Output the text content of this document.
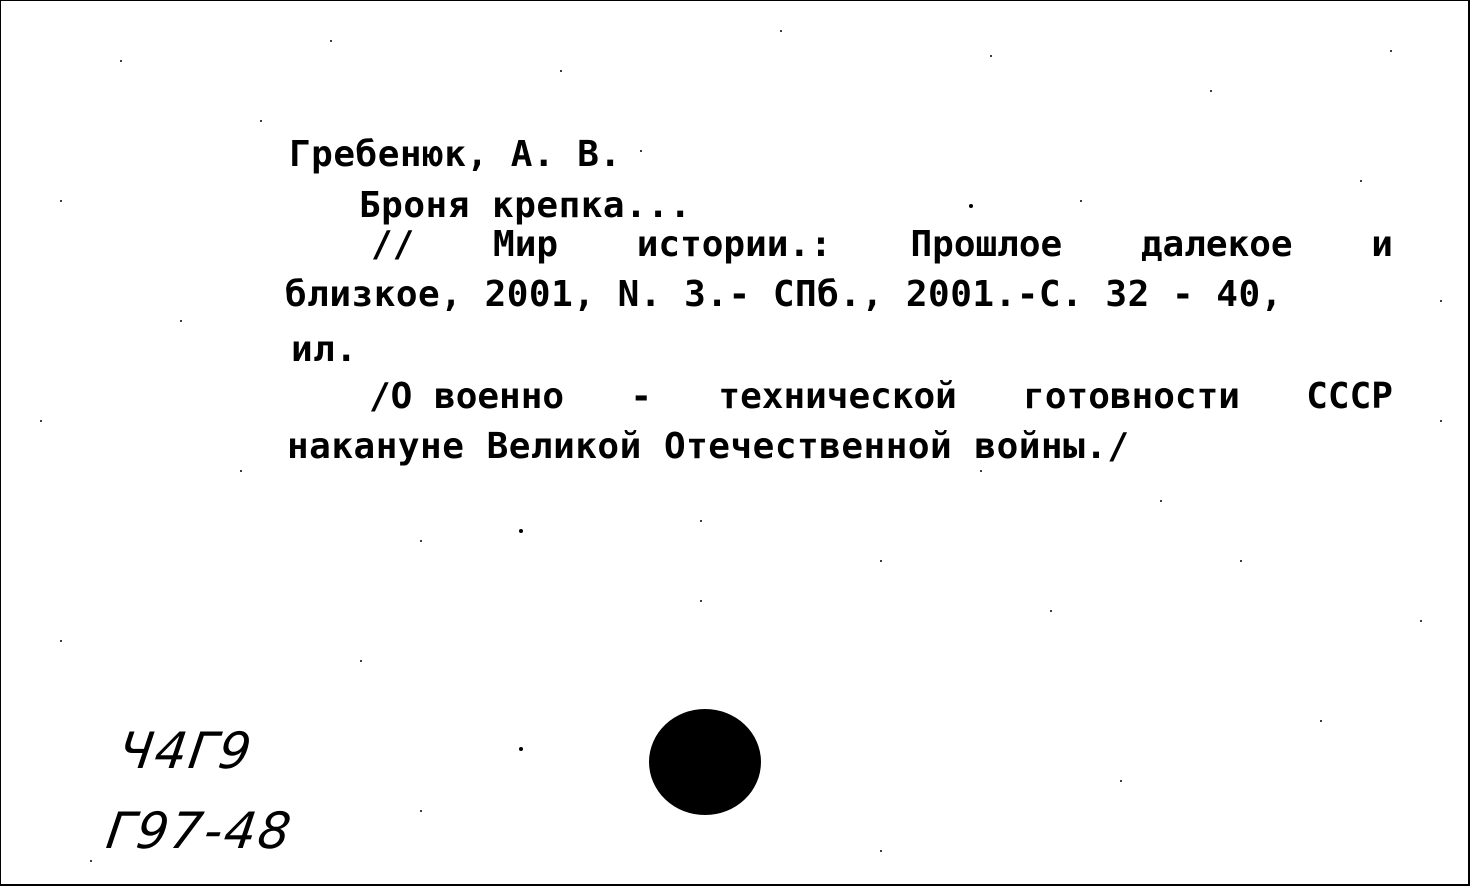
Гребенюк, А. В.
Броня крепка...
// Мир истории.: Прошлое далекое и
близкое, 2001, N. 3.- СПб., 2001.-С. 32 - 40,
ил.
/О военно - технической готовности СССР
накануне Великой Отечественной войны./
Ч4Г9
Г97-48
